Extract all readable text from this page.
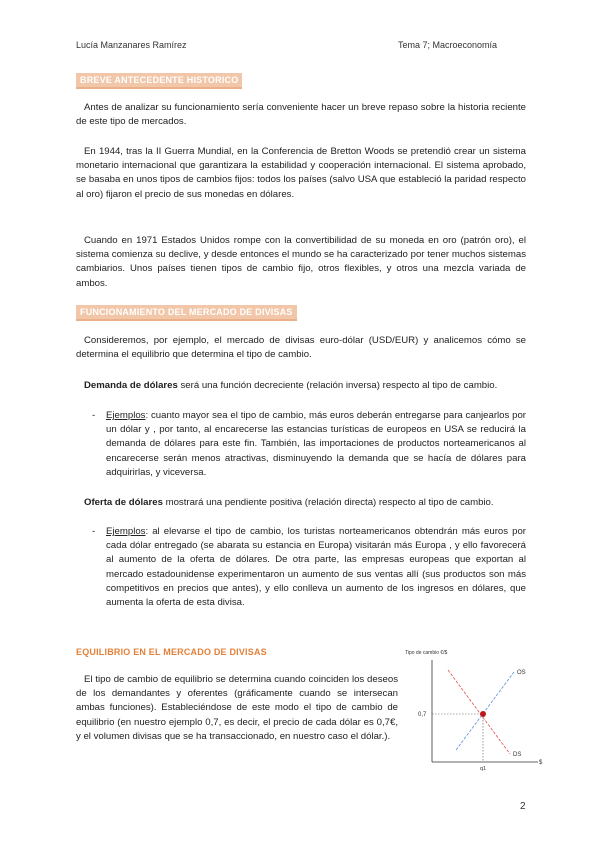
Lucía Manzanares Ramírez	Tema 7; Macroeconomía
BREVE ANTECEDENTE HISTORICO

Antes de analizar su funcionamiento sería conveniente hacer un breve repaso sobre la historia reciente de este tipo de mercados.

En 1944, tras la II Guerra Mundial, en la Conferencia de Bretton Woods se pretendió crear un sistema monetario internacional que garantizara la estabilidad y cooperación internacional. El sistema aprobado, se basaba en unos tipos de cambios fijos: todos los países (salvo USA que estableció la paridad respecto al oro) fijaron el precio de sus monedas en dólares.

Cuando en 1971 Estados Unidos rompe con la convertibilidad de su moneda en oro (patrón oro), el sistema comienza su declive, y desde entonces el mundo se ha caracterizado por tener muchos sistemas cambiarios. Unos países tienen tipos de cambio fijo, otros flexibles, y otros una mezcla variada de ambos.

FUNCIONAMIENTO DEL MERCADO DE DIVISAS

Consideremos, por ejemplo, el mercado de divisas euro-dólar (USD/EUR) y analicemos cómo se determina el equilibrio que determina el tipo de cambio.

Demanda de dólares será una función decreciente (relación inversa) respecto al tipo de cambio.

- Ejemplos: cuanto mayor sea el tipo de cambio, más euros deberán entregarse para canjearlos por un dólar y , por tanto, al encarecerse las estancias turísticas de europeos en USA se reducirá la demanda de dólares para este fin. También, las importaciones de productos norteamericanos al encarecerse serán menos atractivas, disminuyendo la demanda que se hacía de dólares para adquirirlas, y viceversa.

Oferta de dólares mostrará una pendiente positiva (relación directa) respecto al tipo de cambio.

- Ejemplos: al elevarse el tipo de cambio, los turistas norteamericanos obtendrán más euros por cada dólar entregado (se abarata su estancia en Europa) visitarán más Europa , y ello favorecerá al aumento de la oferta de dólares. De otra parte, las empresas europeas que exportan al mercado estadounidense experimentaron un aumento de sus ventas allí (sus productos son más competitivos en precios que antes), y ello conlleva un aumento de los ingresos en dólares, que aumenta la oferta de esta divisa.
EQUILIBRIO EN EL MERCADO DE DIVISAS

El tipo de cambio de equilibrio se determina cuando coinciden los deseos de los demandantes y oferentes (gráficamente cuando se intersecan ambas funciones). Estableciéndose de este modo el tipo de cambio de equilibrio (en nuestro ejemplo 0,7, es decir, el precio de cada dólar es 0,7€, y el volumen divisas que se ha transaccionado, en nuestro caso el dólar.).

Tipo de cambio €/$
$
OS
DS
0,7
q1
2
